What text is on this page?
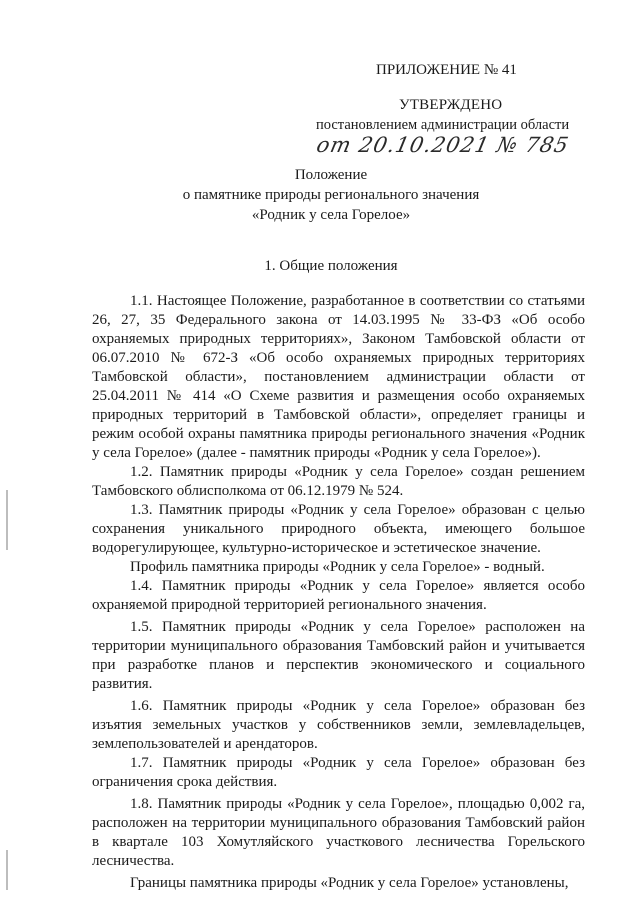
ПРИЛОЖЕНИЕ № 41
УТВЕРЖДЕНО
постановлением администрации области
от 20.10.2021 № 785
Положение
о памятнике природы регионального значения
«Родник у села Горелое»
1. Общие положения

1.1. Настоящее Положение, разработанное в соответствии со статьями 26, 27, 35 Федерального закона от 14.03.1995 № 33-ФЗ «Об особо охраняемых природных территориях», Законом Тамбовской области от 06.07.2010 № 672-З «Об особо охраняемых природных территориях Тамбовской области», постановлением администрации области от 25.04.2011 № 414 «О Схеме развития и размещения особо охраняемых природных территорий в Тамбовской области», определяет границы и режим особой охраны памятника природы регионального значения «Родник у села Горелое» (далее - памятник природы «Родник у села Горелое»).

1.2. Памятник природы «Родник у села Горелое» создан решением Тамбовского облисполкома от 06.12.1979 № 524.

1.3. Памятник природы «Родник у села Горелое» образован с целью сохранения уникального природного объекта, имеющего большое водорегулирующее, культурно-историческое и эстетическое значение.

Профиль памятника природы «Родник у села Горелое» - водный.

1.4. Памятник природы «Родник у села Горелое» является особо охраняемой природной территорией регионального значения.

1.5. Памятник природы «Родник у села Горелое» расположен на территории муниципального образования Тамбовский район и учитывается при разработке планов и перспектив экономического и социального развития.

1.6. Памятник природы «Родник у села Горелое» образован без изъятия земельных участков у собственников земли, землевладельцев, землепользователей и арендаторов.

1.7. Памятник природы «Родник у села Горелое» образован без ограничения срока действия.

1.8. Памятник природы «Родник у села Горелое», площадью 0,002 га, расположен на территории муниципального образования Тамбовский район в квартале 103 Хомутляйского участкового лесничества Горельского лесничества.

Границы памятника природы «Родник у села Горелое» установлены,
